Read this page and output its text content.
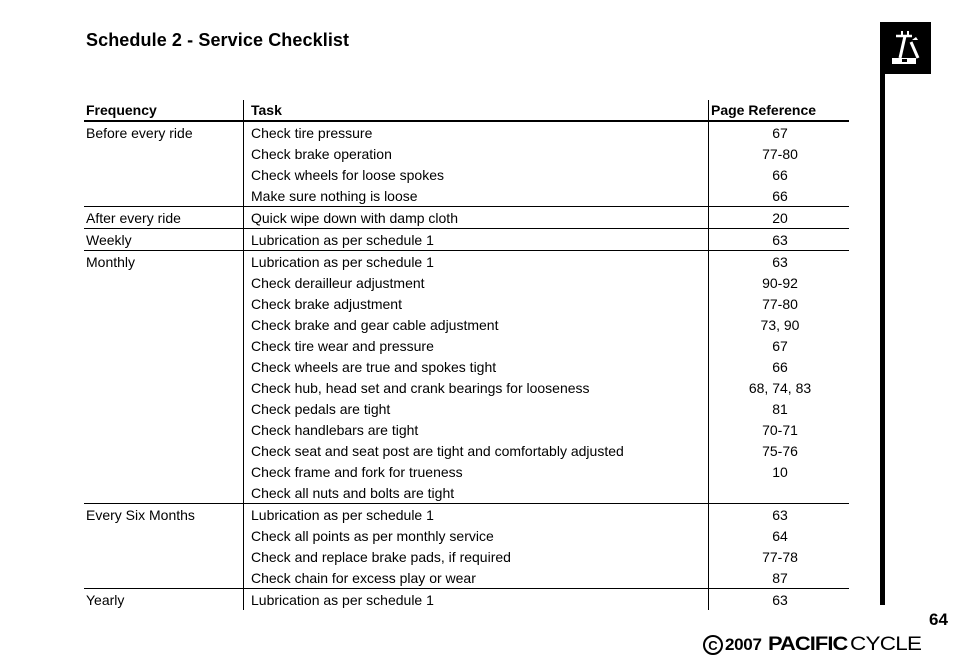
Schedule 2 - Service Checklist
Frequency	Task	Page Reference
Before every ride	Check tire pressure	67
	Check brake operation	77-80
	Check wheels for loose spokes	66
	Make sure nothing is loose	66
After every ride	Quick wipe down with damp cloth	20
Weekly	Lubrication as per schedule 1	63
Monthly	Lubrication as per schedule 1	63
	Check derailleur adjustment	90-92
	Check brake adjustment	77-80
	Check brake and gear cable adjustment	73, 90
	Check tire wear and pressure	67
	Check wheels are true and spokes tight	66
	Check hub, head set and crank bearings for looseness	68, 74, 83
	Check pedals are tight	81
	Check handlebars are tight	70-71
	Check seat and seat post are tight and comfortably adjusted	75-76
	Check frame and fork for trueness	10
	Check all nuts and bolts are tight	
Every Six Months	Lubrication as per schedule 1	63
	Check all points as per monthly service	64
	Check and replace brake pads, if required	77-78
	Check chain for excess play or wear	87
Yearly	Lubrication as per schedule 1	63
64
C 2007 PACIFIC CYCLE
